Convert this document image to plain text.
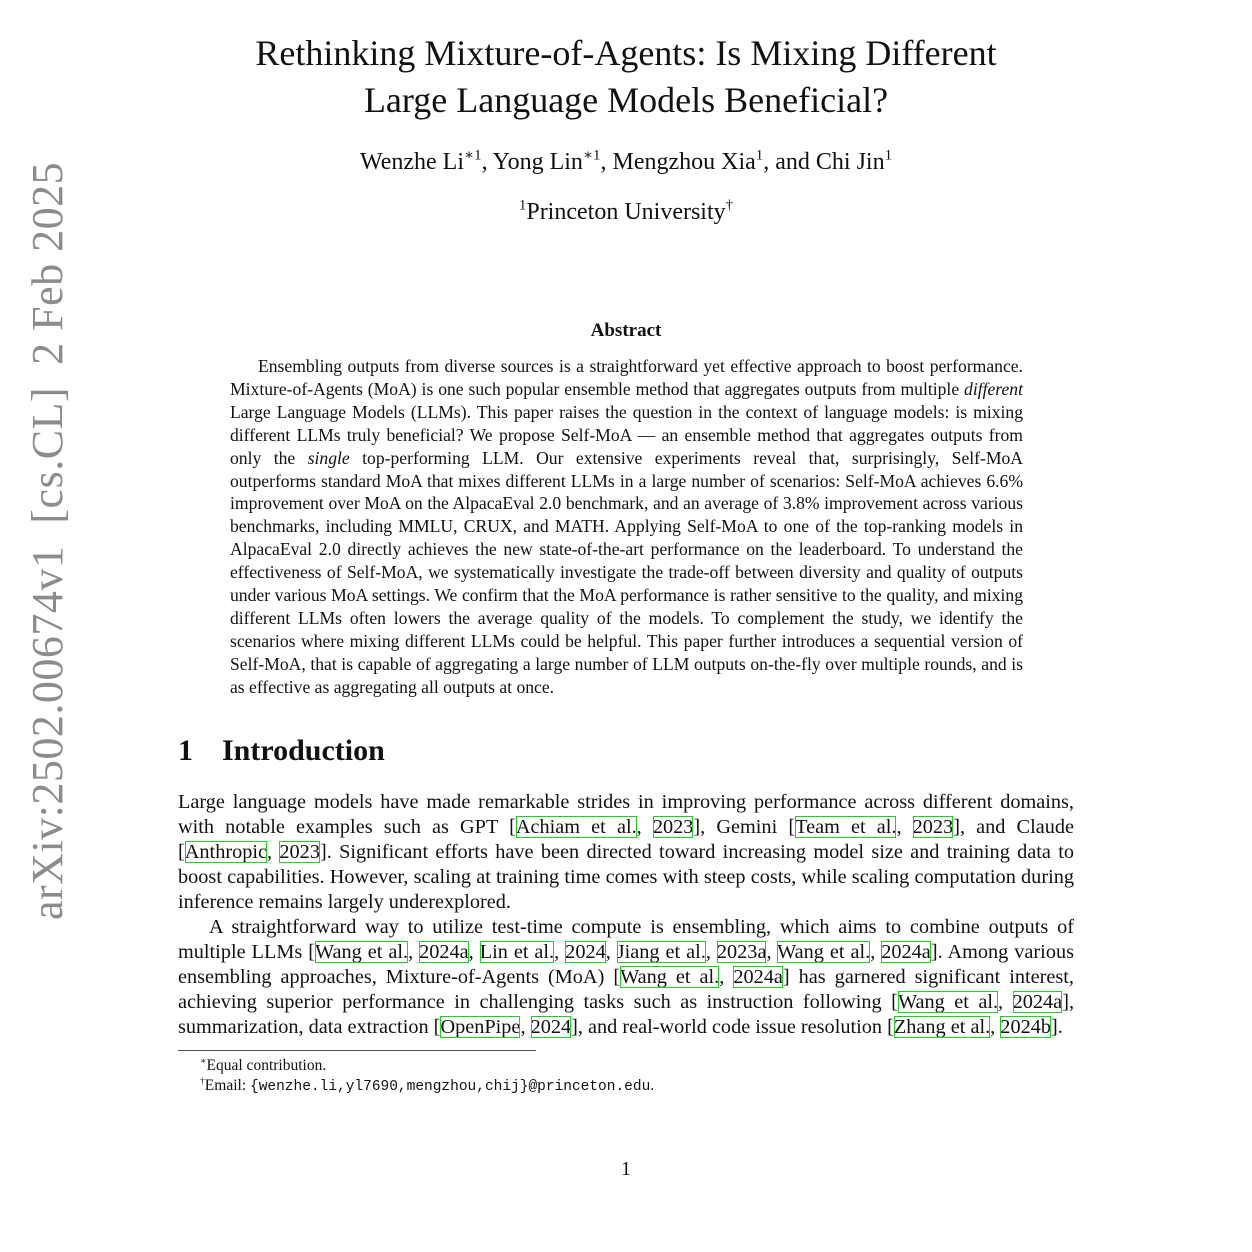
arXiv:2502.00674v1[cs.CL]2 Feb 2025
Rethinking Mixture-of-Agents: Is Mixing Different
Large Language Models Beneficial?
Wenzhe $Li^{∗1}$, Yong Lin$^{∗1}$, Mengzhou Xia$^1$, and Chi Jin$^1$
$^1$Princeton University†
Abstract

Ensembling outputs from diverse sources is a straightforward yet effective approach to boost performance. Mixture-of-Agents (MoA) is one such popular ensemble method that aggregates outputs from multiple different Large Language Models (LLMs). This paper raises the question in the context of language models: is mixing different LLMs truly beneficial? We propose Self-MoA — an ensemble method that aggregates outputs from only the single top-performing LLM. Our extensive experiments reveal that, surprisingly, Self-MoA outperforms standard MoA that mixes different LLMs in a large number of scenarios: Self-MoA achieves 6.6% improvement over MoA on the AlpacaEval 2.0 benchmark, and an average of 3.8% improvement across various benchmarks, including MMLU, CRUX, and MATH. Applying Self-MoA to one of the top-ranking models in AlpacaEval 2.0 directly achieves the new state-of-the-art performance on the leaderboard. To understand the effectiveness of Self-MoA, we systematically investigate the trade-off between diversity and quality of outputs under various MoA settings. We confirm that the MoA performance is rather sensitive to the quality, and mixing different LLMs often lowers the average quality of the models. To complement the study, we identify the scenarios where mixing different LLMs could be helpful. This paper further introduces a sequential version of Self-MoA, that is capable of aggregating a large number of LLM outputs on-the-fly over multiple rounds, and is as effective as aggregating all outputs at once.

1 Introduction

Large language models have made remarkable strides in improving performance across different domains, with notable examples such as GPT [Achiam et al., 2023], Gemini [Team et al., 2023], and Claude [Anthropic, 2023]. Significant efforts have been directed toward increasing model size and training data to boost capabilities. However, scaling at training time comes with steep costs, while scaling computation during inference remains largely underexplored.

A straightforward way to utilize test-time compute is ensembling, which aims to combine outputs of multiple LLMs [Wang et al., 2024a, Lin et al., 2024, Jiang et al., 2023a, Wang et al., 2024a]. Among various ensembling approaches, Mixture-of-Agents (MoA) [Wang et al., 2024a] has garnered significant interest, achieving superior performance in challenging tasks such as instruction following [Wang et al., 2024a], summarization, data extraction [OpenPipe, 2024], and real-world code issue resolution [Zhang et al., 2024b].

∗Equal contribution.
†Email: {wenzhe.li,yl7690,mengzhou,chij}@princeton.edu.
1
